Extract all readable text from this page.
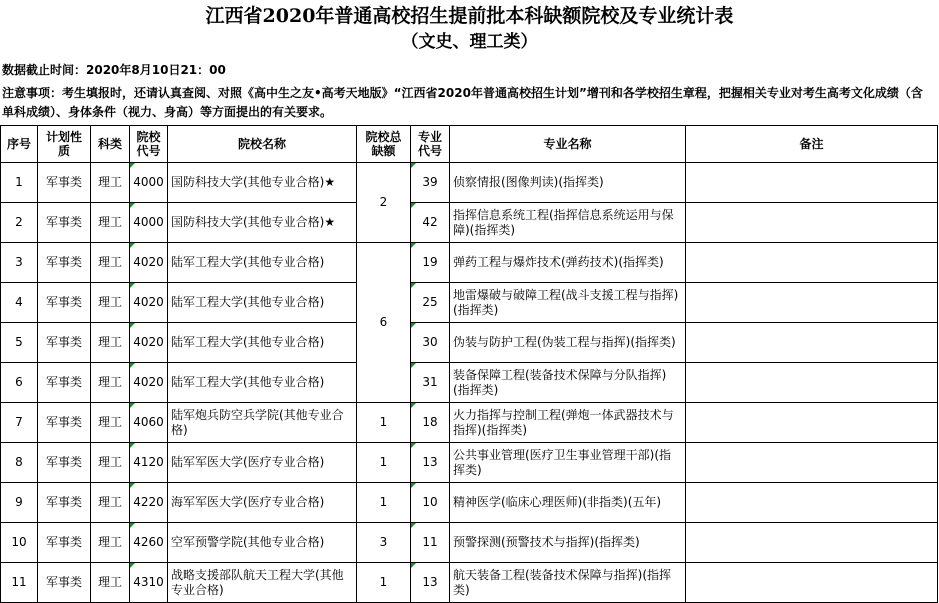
江西省2020年普通高校招生提前批本科缺额院校及专业统计表
（文史、理工类）
数据截止时间：2020年8月10日21：00
注意事项：考生填报时，还请认真查阅、对照《高中生之友•高考天地版》“江西省2020年普通高校招生计划”增刊和各学校招生章程，把握相关专业对考生高考文化成绩（含单科成绩）、身体条件（视力、身高）等方面提出的有关要求。
序号	计划性质	科类	院校代号	院校名称	院校总缺额	专业代号	专业名称	备注
1	军事类	理工	4000	国防科技大学(其他专业合格)★	2	39	侦察情报(图像判读)(指挥类)	
2	军事类	理工	4000	国防科技大学(其他专业合格)★		42	指挥信息系统工程(指挥信息系统运用与保障)(指挥类)	
3	军事类	理工	4020	陆军工程大学(其他专业合格)	6	19	弹药工程与爆炸技术(弹药技术)(指挥类)	
4	军事类	理工	4020	陆军工程大学(其他专业合格)		25	地雷爆破与破障工程(战斗支援工程与指挥)(指挥类)	
5	军事类	理工	4020	陆军工程大学(其他专业合格)		30	伪装与防护工程(伪装工程与指挥)(指挥类)	
6	军事类	理工	4020	陆军工程大学(其他专业合格)		31	装备保障工程(装备技术保障与分队指挥)(指挥类)	
7	军事类	理工	4060	陆军炮兵防空兵学院(其他专业合格)	1	18	火力指挥与控制工程(弹炮一体武器技术与指挥)(指挥类)	
8	军事类	理工	4120	陆军军医大学(医疗专业合格)	1	13	公共事业管理(医疗卫生事业管理干部)(指挥类)	
9	军事类	理工	4220	海军军医大学(医疗专业合格)	1	10	精神医学(临床心理医师)(非指类)(五年)	
10	军事类	理工	4260	空军预警学院(其他专业合格)	3	11	预警探测(预警技术与指挥)(指挥类)	
11	军事类	理工	4310	战略支援部队航天工程大学(其他专业合格)	1	13	航天装备工程(装备技术保障与指挥)(指挥类)	
